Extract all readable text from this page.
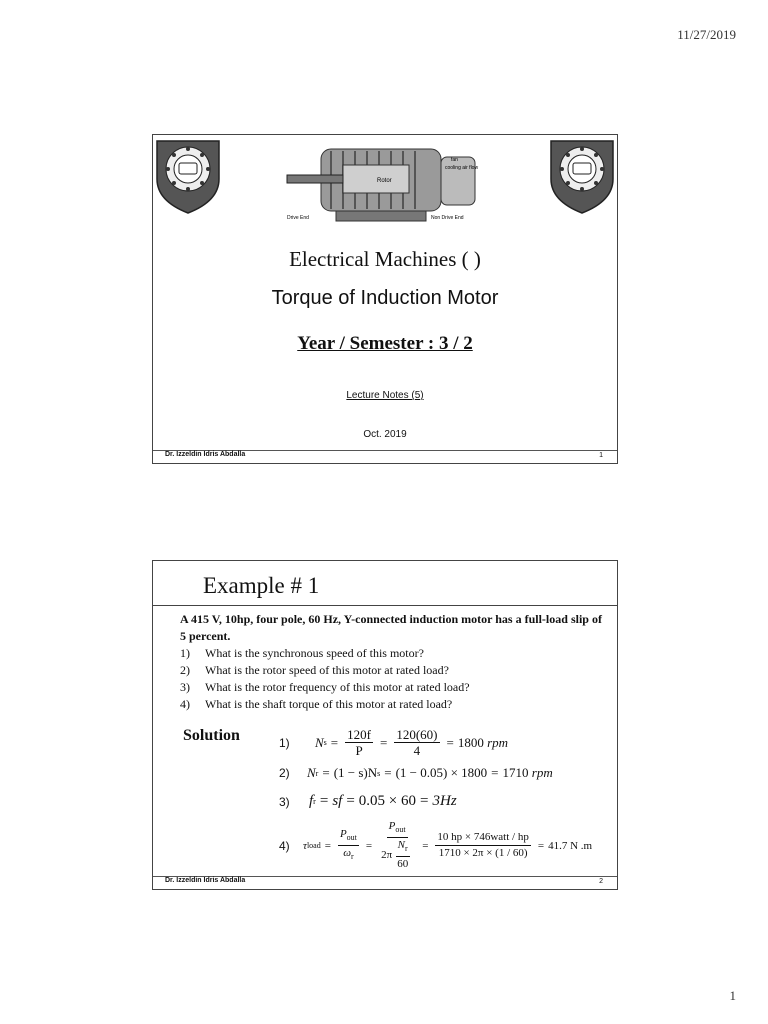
11/27/2019
Rotor
fan
cooling air flow
Drive End	Non Drive End
Electrical Machines ( )
Torque of Induction Motor
Year / Semester : 3 / 2
Lecture Notes (5)
Oct. 2019
Dr. Izzeldin Idris Abdalla	1
Example # 1
A 415 V, 10hp, four pole, 60 Hz, Y-connected induction motor has a full-load slip of 5 percent.
1)	What is the synchronous speed of this motor?
2)	What is the rotor speed of this motor at rated load?
3)	What is the rotor frequency of this motor at rated load?
4)	What is the shaft torque of this motor at rated load?
Solution	1)	N $s = \frac{120f}{P} = \frac{120(60)}{4} = 1800$
rpm
2)	N r = (1 − s)N s = (1 − 0.05) × 1800 = 1710
rpm
3)	f r = sf = 0.05 × 60 = 3Hz
4)	τ load = $\frac{P_{out}}{\omega_r} = \frac{P_{out}}{2\pi \frac{N_r}{60}} = \frac{\text{10 hp × 746watt / hp}}{1710 \times 2\pi \times (1 / 60)} = 41.7$ N .m
Dr. Izzeldin Idris Abdalla	2
1
